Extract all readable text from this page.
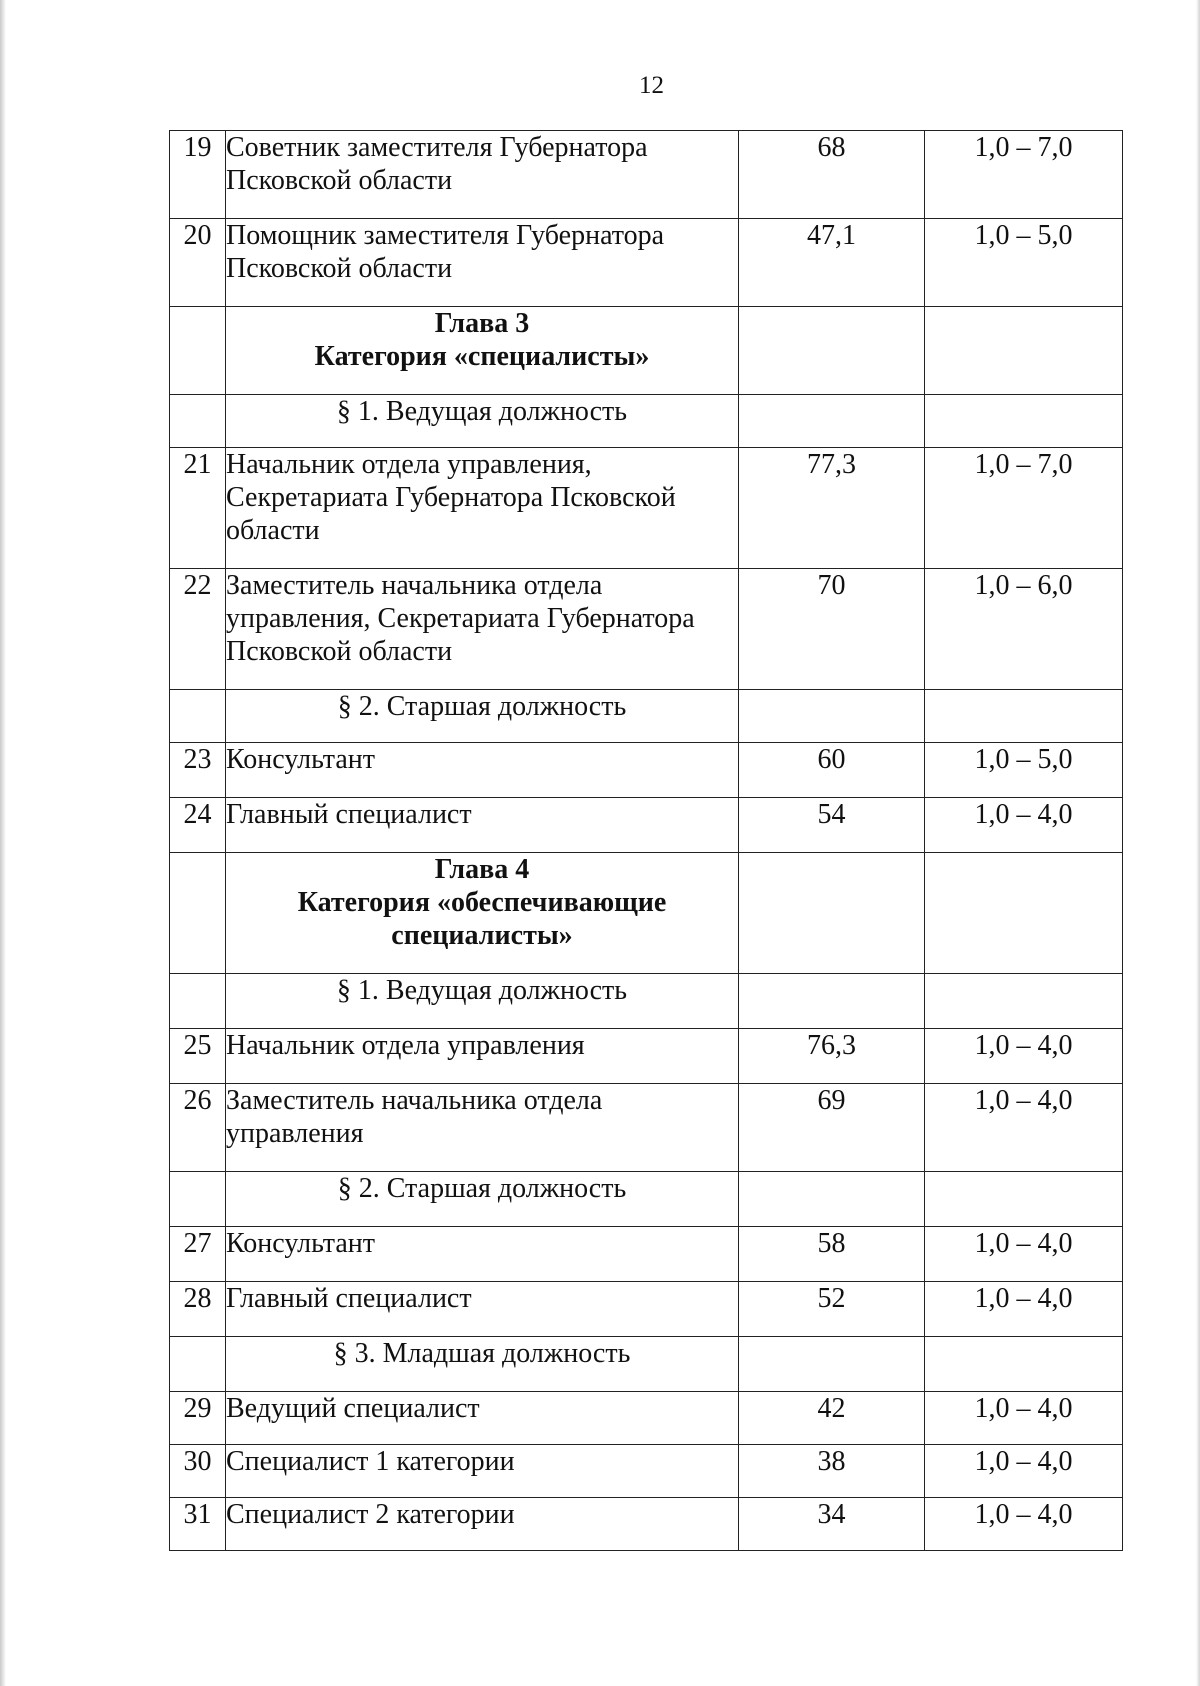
12
19	Советник заместителя Губернатора
Псковской области	68	1,0 – 7,0
20	Помощник заместителя Губернатора
Псковской области	47,1	1,0 – 5,0

	Глава 3
Категория «специалисты»		

	§ 1. Ведущая должность		
21	Начальник отдела управления,
Секретариата Губернатора Псковской
области	77,3	1,0 – 7,0
22	Заместитель начальника отдела
управления, Секретариата Губернатора
Псковской области	70	1,0 – 6,0
	§ 2. Старшая должность		
23	Консультант	60	1,0 – 5,0
24	Главный специалист	54	1,0 – 4,0

	Глава 4
Категория «обеспечивающие
специалисты»		

	§ 1. Ведущая должность		
25	Начальник отдела управления	76,3	1,0 – 4,0
26	Заместитель начальника отдела
управления	69	1,0 – 4,0
	§ 2. Старшая должность		
27	Консультант	58	1,0 – 4,0
28	Главный специалист	52	1,0 – 4,0
	§ 3. Младшая должность		
29	Ведущий специалист	42	1,0 – 4,0
30	Специалист 1 категории	38	1,0 – 4,0
31	Специалист 2 категории	34	1,0 – 4,0
